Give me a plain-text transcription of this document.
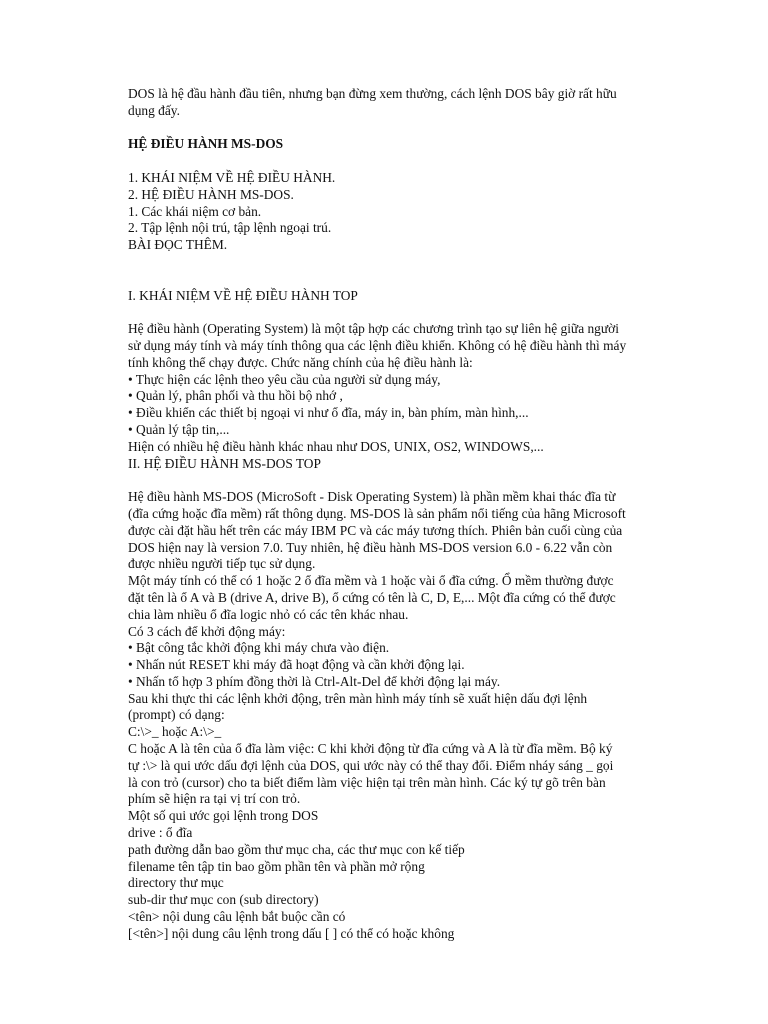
DOS là hệ đầu hành đầu tiên, nhưng bạn đừng xem thường, cách lệnh DOS bây giờ rất hữu
dụng đấy.
HỆ ĐIỀU HÀNH MS-DOS
1. KHÁI NIỆM VỀ HỆ ĐIỀU HÀNH.
2. HỆ ĐIỀU HÀNH MS-DOS.
1. Các khái niệm cơ bản.
2. Tập lệnh nội trú, tập lệnh ngoại trú.
BÀI ĐỌC THÊM.
I. KHÁI NIỆM VỀ HỆ ĐIỀU HÀNH TOP
Hệ điều hành (Operating System) là một tập hợp các chương trình tạo sự liên hệ giữa người
sử dụng máy tính và máy tính thông qua các lệnh điều khiển. Không có hệ điều hành thì máy
tính không thể chạy được. Chức năng chính của hệ điều hành là:
• Thực hiện các lệnh theo yêu cầu của người sử dụng máy,
• Quản lý, phân phối và thu hồi bộ nhớ ,
• Điều khiển các thiết bị ngoại vi như ổ đĩa, máy in, bàn phím, màn hình,...
• Quản lý tập tin,...
Hiện có nhiều hệ điều hành khác nhau như DOS, UNIX, OS2, WINDOWS,...
II. HỆ ĐIỀU HÀNH MS-DOS TOP
Hệ điều hành MS-DOS (MicroSoft - Disk Operating System) là phần mềm khai thác đĩa từ
(đĩa cứng hoặc đĩa mềm) rất thông dụng. MS-DOS là sản phẩm nổi tiếng của hãng Microsoft
được cài đặt hầu hết trên các máy IBM PC và các máy tương thích. Phiên bản cuối cùng của
DOS hiện nay là version 7.0. Tuy nhiên, hệ điều hành MS-DOS version 6.0 - 6.22 vẫn còn
được nhiều người tiếp tục sử dụng.
Một máy tính có thể có 1 hoặc 2 ổ đĩa mềm và 1 hoặc vài ổ đĩa cứng. Ổ mềm thường được
đặt tên là ổ A và B (drive A, drive B), ổ cứng có tên là C, D, E,... Một đĩa cứng có thể được
chia làm nhiều ổ đĩa logic nhỏ có các tên khác nhau.
Có 3 cách để khởi động máy:
• Bật công tắc khởi động khi máy chưa vào điện.
• Nhấn nút RESET khi máy đã hoạt động và cần khởi động lại.
• Nhấn tổ hợp 3 phím đồng thời là Ctrl-Alt-Del để khởi động lại máy.
Sau khi thực thi các lệnh khởi động, trên màn hình máy tính sẽ xuất hiện dấu đợi lệnh
(prompt) có dạng:
C:\>_ hoặc A:\>_
C hoặc A là tên của ổ đĩa làm việc: C khi khởi động từ đĩa cứng và A là từ đĩa mềm. Bộ ký
tự :\> là qui ước dấu đợi lệnh của DOS, qui ước này có thể thay đổi. Điểm nháy sáng _ gọi
là con trỏ (cursor) cho ta biết điểm làm việc hiện tại trên màn hình. Các ký tự gõ trên bàn
phím sẽ hiện ra tại vị trí con trỏ.
Một số qui ước gọi lệnh trong DOS
drive : ổ đĩa
path đường dẫn bao gồm thư mục cha, các thư mục con kế tiếp
filename tên tập tin bao gồm phần tên và phần mở rộng
directory thư mục
sub-dir thư mục con (sub directory)
<tên> nội dung câu lệnh bắt buộc cần có
[<tên>] nội dung câu lệnh trong dấu [ ] có thể có hoặc không
